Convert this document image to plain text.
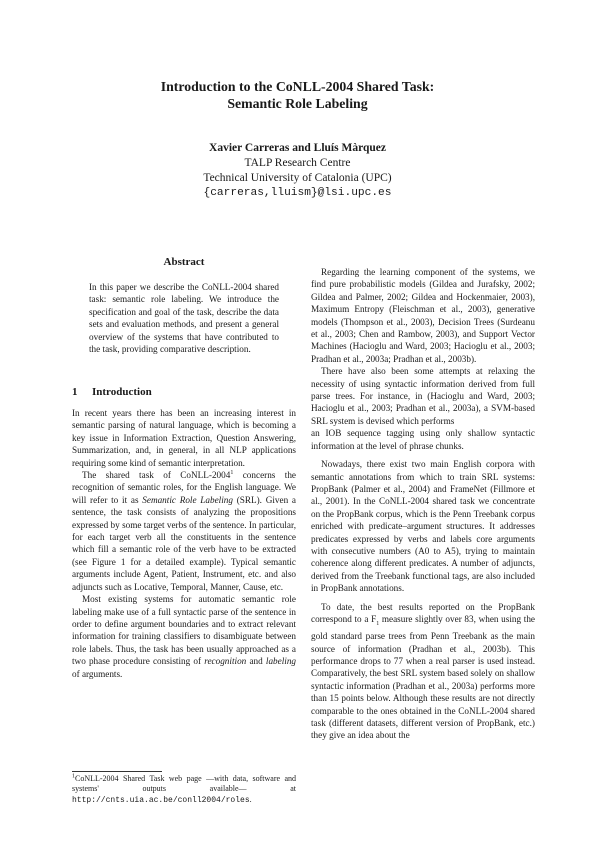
Introduction to the CoNLL-2004 Shared Task:
Semantic Role Labeling
Xavier Carreras and Lluís Màrquez
TALP Research Centre
Technical University of Catalonia (UPC)
{carreras,lluism}@lsi.upc.es
Abstract
In this paper we describe the CoNLL-2004 shared task: semantic role labeling. We introduce the specification and goal of the task, describe the data sets and evaluation methods, and present a general overview of the systems that have contributed to the task, providing comparative description.
1 Introduction

In recent years there has been an increasing interest in semantic parsing of natural language, which is becoming a key issue in Information Extraction, Question Answering, Summarization, and, in general, in all NLP applications requiring some kind of semantic interpretation.

The shared task of CoNLL-2004$^1$ concerns the recognition of semantic roles, for the English language. We will refer to it as Semantic Role Labeling (SRL). Given a sentence, the task consists of analyzing the propositions expressed by some target verbs of the sentence. In particular, for each target verb all the constituents in the sentence which fill a semantic role of the verb have to be extracted (see Figure 1 for a detailed example). Typical semantic arguments include Agent, Patient, Instrument, etc. and also adjuncts such as Locative, Temporal, Manner, Cause, etc.

Most existing systems for automatic semantic role labeling make use of a full syntactic parse of the sentence in order to define argument boundaries and to extract relevant information for training classifiers to disambiguate between role labels. Thus, the task has been usually approached as a two phase procedure consisting of recognition and labeling of arguments.

$^1$CoNLL-2004 Shared Task web page —with data, software and systems' outputs available— at http://cnts.uia.ac.be/conll2004/roles.

Regarding the learning component of the systems, we find pure probabilistic models (Gildea and Jurafsky, 2002; Gildea and Palmer, 2002; Gildea and Hockenmaier, 2003), Maximum Entropy (Fleischman et al., 2003), generative models (Thompson et al., 2003), Decision Trees (Surdeanu et al., 2003; Chen and Rambow, 2003), and Support Vector Machines (Hacioglu and Ward, 2003; Hacioglu et al., 2003; Pradhan et al., 2003a; Pradhan et al., 2003b).

There have also been some attempts at relaxing the necessity of using syntactic information derived from full parse trees. For instance, in (Hacioglu and Ward, 2003; Hacioglu et al., 2003; Pradhan et al., 2003a), a SVM-based SRL system is devised which performs

an IOB sequence tagging using only shallow syntactic information at the level of phrase chunks.

Nowadays, there exist two main English corpora with semantic annotations from which to train SRL systems: PropBank (Palmer et al., 2004) and FrameNet (Fillmore et al., 2001). In the CoNLL-2004 shared task we concentrate on the PropBank corpus, which is the Penn Treebank corpus enriched with predicate–argument structures. It addresses predicates expressed by verbs and labels core arguments with consecutive numbers (A0 to A5), trying to maintain coherence along different predicates. A number of adjuncts, derived from the Treebank functional tags, are also included in PropBank annotations.

To date, the best results reported on the PropBank correspond to a $F_1$ measure slightly over 83, when using the gold standard parse trees from Penn Treebank as the main source of information (Pradhan et al., 2003b). This performance drops to 77 when a real parser is used instead. Comparatively, the best SRL system based solely on shallow syntactic information (Pradhan et al., 2003a) performs more than 15 points below. Although these results are not directly comparable to the ones obtained in the CoNLL-2004 shared task (different datasets, different version of PropBank, etc.) they give an idea about the
